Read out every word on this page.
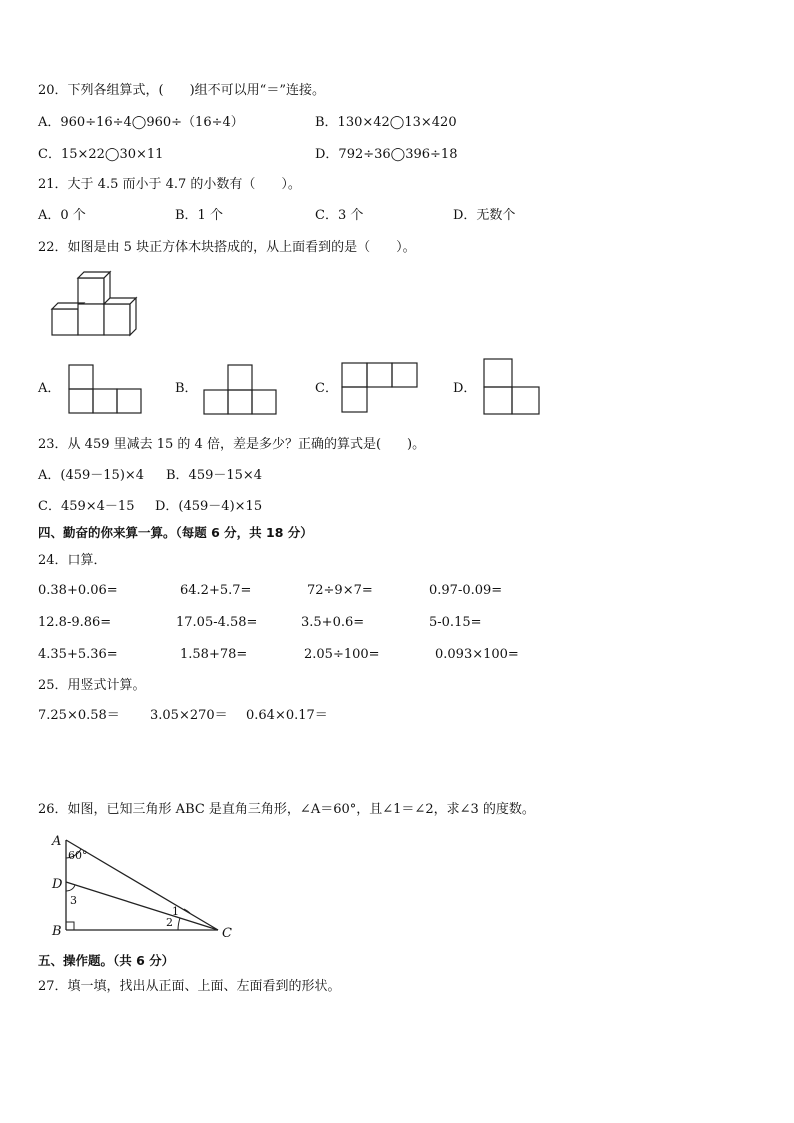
20．下列各组算式，(　　)组不可以用“＝”连接。
A．960÷16÷4◯960÷（16÷4）	B．130×42◯13×420
C．15×22◯30×11	D．792÷36◯396÷18
21．大于 4.5 而小于 4.7 的小数有（　　）。
A．0 个	B．1 个	C．3 个	D．无数个
22．如图是由 5 块正方体木块搭成的，从上面看到的是（　　）。
A．	B．	C．	D．
23．从 459 里减去 15 的 4 倍，差是多少？正确的算式是(　　)。
A．(459－15)×4 B．459－15×4
C．459×4－15 D．(459－4)×15
四、勤奋的你来算一算。（每题 6 分，共 18 分）
24．口算．
0.38+0.06=	64.2+5.7=	72÷9×7=	0.97-0.09=
12.8-9.86=	17.05-4.58=	3.5+0.6=	5-0.15=
4.35+5.36=	1.58+78=	2.05÷100=	0.093×100=
25．用竖式计算。
7.25×0.58＝ 3.05×270＝ 0.64×0.17＝
26．如图，已知三角形 ABC 是直角三角形，∠A＝60°，且∠1＝∠2，求∠3 的度数。
A
60°
D
3
B	C
1
2
五、操作题。（共 6 分）
27．填一填，找出从正面、上面、左面看到的形状。
